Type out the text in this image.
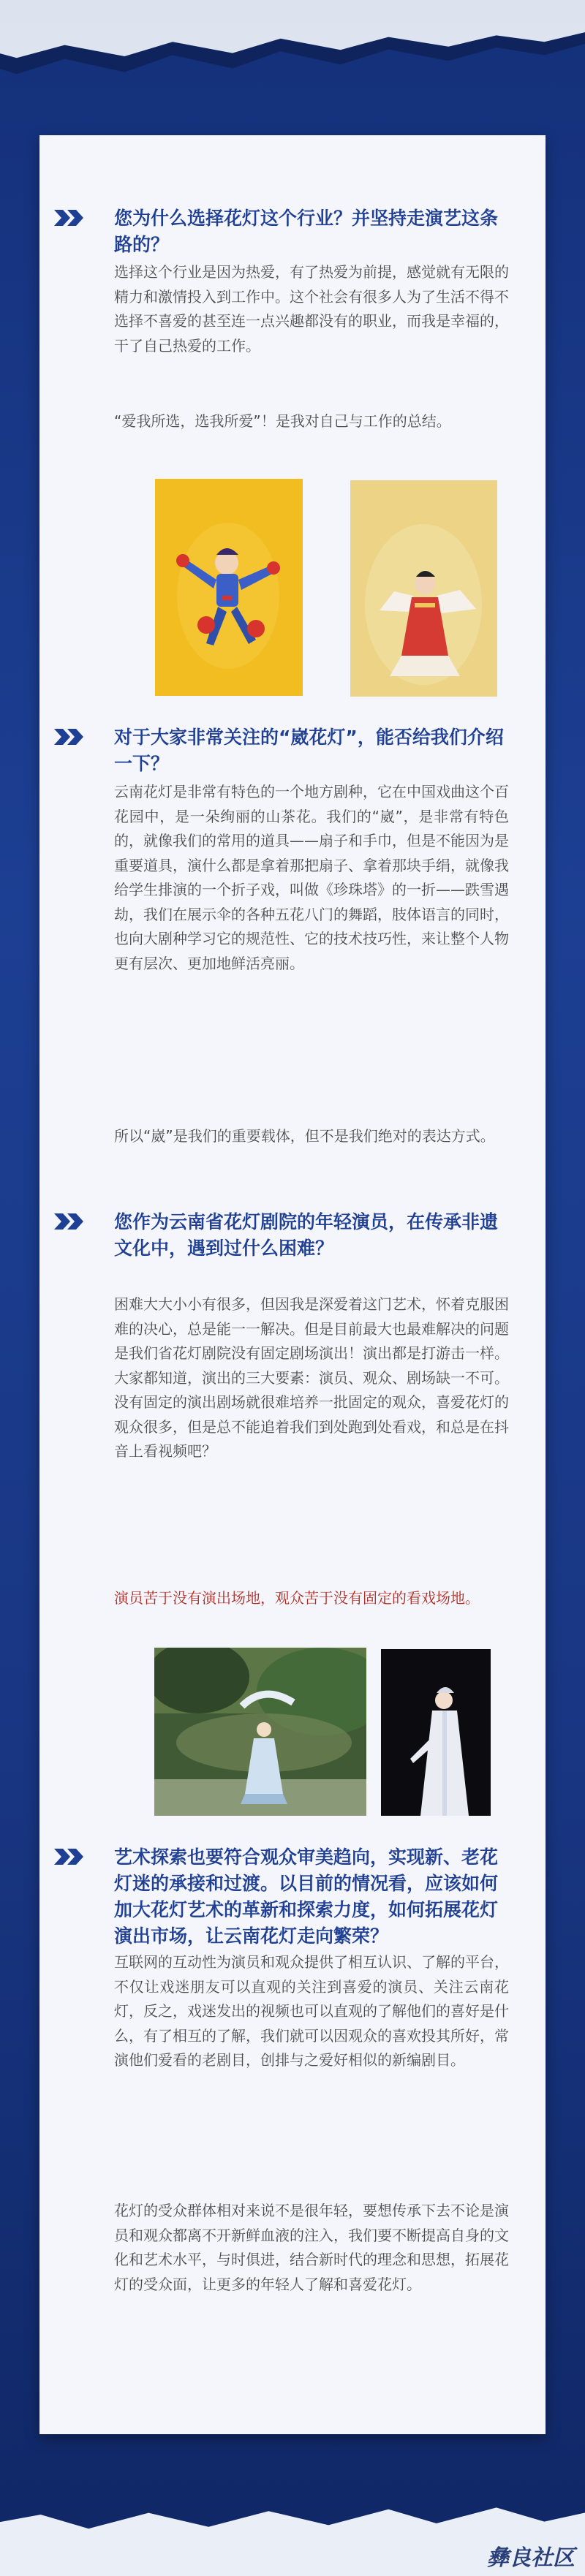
您为什么选择花灯这个行业？并坚持走演艺这条路的？

选择这个行业是因为热爱，有了热爱为前提，感觉就有无限的精力和激情投入到工作中。这个社会有很多人为了生活不得不选择不喜爱的甚至连一点兴趣都没有的职业，而我是幸福的，干了自己热爱的工作。

“爱我所选，选我所爱”！是我对自己与工作的总结。

对于大家非常关注的“崴花灯”，能否给我们介绍一下？

云南花灯是非常有特色的一个地方剧种，它在中国戏曲这个百花园中，是一朵绚丽的山茶花。我们的“崴”，是非常有特色的，就像我们的常用的道具——扇子和手巾，但是不能因为是重要道具，演什么都是拿着那把扇子、拿着那块手绢，就像我给学生排演的一个折子戏，叫做《珍珠塔》的一折——跌雪遇劫，我们在展示伞的各种五花八门的舞蹈，肢体语言的同时，也向大剧种学习它的规范性、它的技术技巧性，来让整个人物更有层次、更加地鲜活亮丽。

所以“崴”是我们的重要载体，但不是我们绝对的表达方式。

您作为云南省花灯剧院的年轻演员，在传承非遗文化中，遇到过什么困难？

困难大大小小有很多，但因我是深爱着这门艺术，怀着克服困难的决心，总是能一一解决。但是目前最大也最难解决的问题是我们省花灯剧院没有固定剧场演出！演出都是打游击一样。大家都知道，演出的三大要素：演员、观众、剧场缺一不可。没有固定的演出剧场就很难培养一批固定的观众，喜爱花灯的观众很多，但是总不能追着我们到处跑到处看戏，和总是在抖音上看视频吧？

演员苦于没有演出场地，观众苦于没有固定的看戏场地。

艺术探索也要符合观众审美趋向，实现新、老花灯迷的承接和过渡。以目前的情况看，应该如何加大花灯艺术的革新和探索力度，如何拓展花灯演出市场，让云南花灯走向繁荣？

互联网的互动性为演员和观众提供了相互认识、了解的平台，不仅让戏迷朋友可以直观的关注到喜爱的演员、关注云南花灯，反之，戏迷发出的视频也可以直观的了解他们的喜好是什么，有了相互的了解，我们就可以因观众的喜欢投其所好，常演他们爱看的老剧目，创排与之爱好相似的新编剧目。

花灯的受众群体相对来说不是很年轻，要想传承下去不论是演员和观众都离不开新鲜血液的注入，我们要不断提高自身的文化和艺术水平，与时俱进，结合新时代的理念和思想，拓展花灯的受众面，让更多的年轻人了解和喜爱花灯。

彝良社区
